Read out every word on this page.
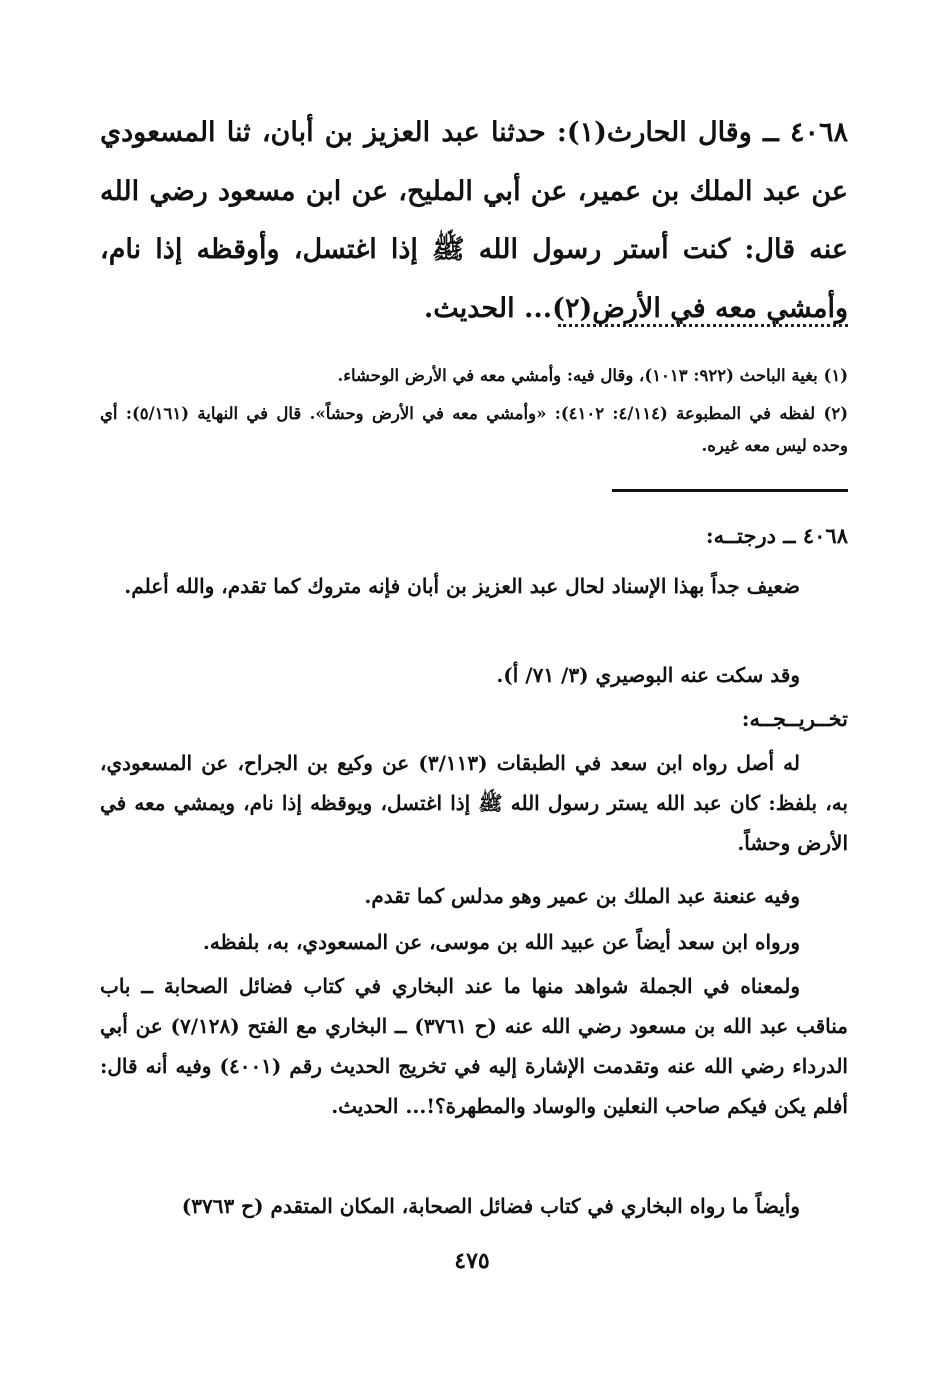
٤٠٦٨ ــ وقال الحارث(١): حدثنا عبد العزيز بن أبان، ثنا المسعودي عن عبد الملك بن عمير، عن أبي المليح، عن ابن مسعود رضي الله عنه قال: كنت أستر رسول الله ﷺ إذا اغتسل، وأوقظه إذا نام، وأمشي معه في الأرض(٢)... الحديث.

(١) بغية الباحث (٩٢٢: ١٠١٣)، وقال فيه: وأمشي معه في الأرض الوحشاء.

(٢) لفظه في المطبوعة (٤/١١٤: ٤١٠٢): «وأمشي معه في الأرض وحشاً». قال في النهاية (٥/١٦١): أي وحده ليس معه غيره.

٤٠٦٨ ــ درجتــه:

ضعيف جداً بهذا الإسناد لحال عبد العزيز بن أبان فإنه متروك كما تقدم، والله أعلم.

وقد سكت عنه البوصيري (٣/ ٧١/ أ).

تخــريــجــه:

له أصل رواه ابن سعد في الطبقات (٣/١١٣) عن وكيع بن الجراح، عن المسعودي، به، بلفظ: كان عبد الله يستر رسول الله ﷺ إذا اغتسل، ويوقظه إذا نام، ويمشي معه في الأرض وحشاً.

وفيه عنعنة عبد الملك بن عمير وهو مدلس كما تقدم.

ورواه ابن سعد أيضاً عن عبيد الله بن موسى، عن المسعودي، به، بلفظه.

ولمعناه في الجملة شواهد منها ما عند البخاري في كتاب فضائل الصحابة ــ باب مناقب عبد الله بن مسعود رضي الله عنه (ح ٣٧٦١) ــ البخاري مع الفتح (٧/١٢٨) عن أبي الدرداء رضي الله عنه وتقدمت الإشارة إليه في تخريج الحديث رقم (٤٠٠١) وفيه أنه قال: أفلم يكن فيكم صاحب النعلين والوساد والمطهرة؟!... الحديث.

وأيضاً ما رواه البخاري في كتاب فضائل الصحابة، المكان المتقدم (ح ٣٧٦٣)

٤٧٥
